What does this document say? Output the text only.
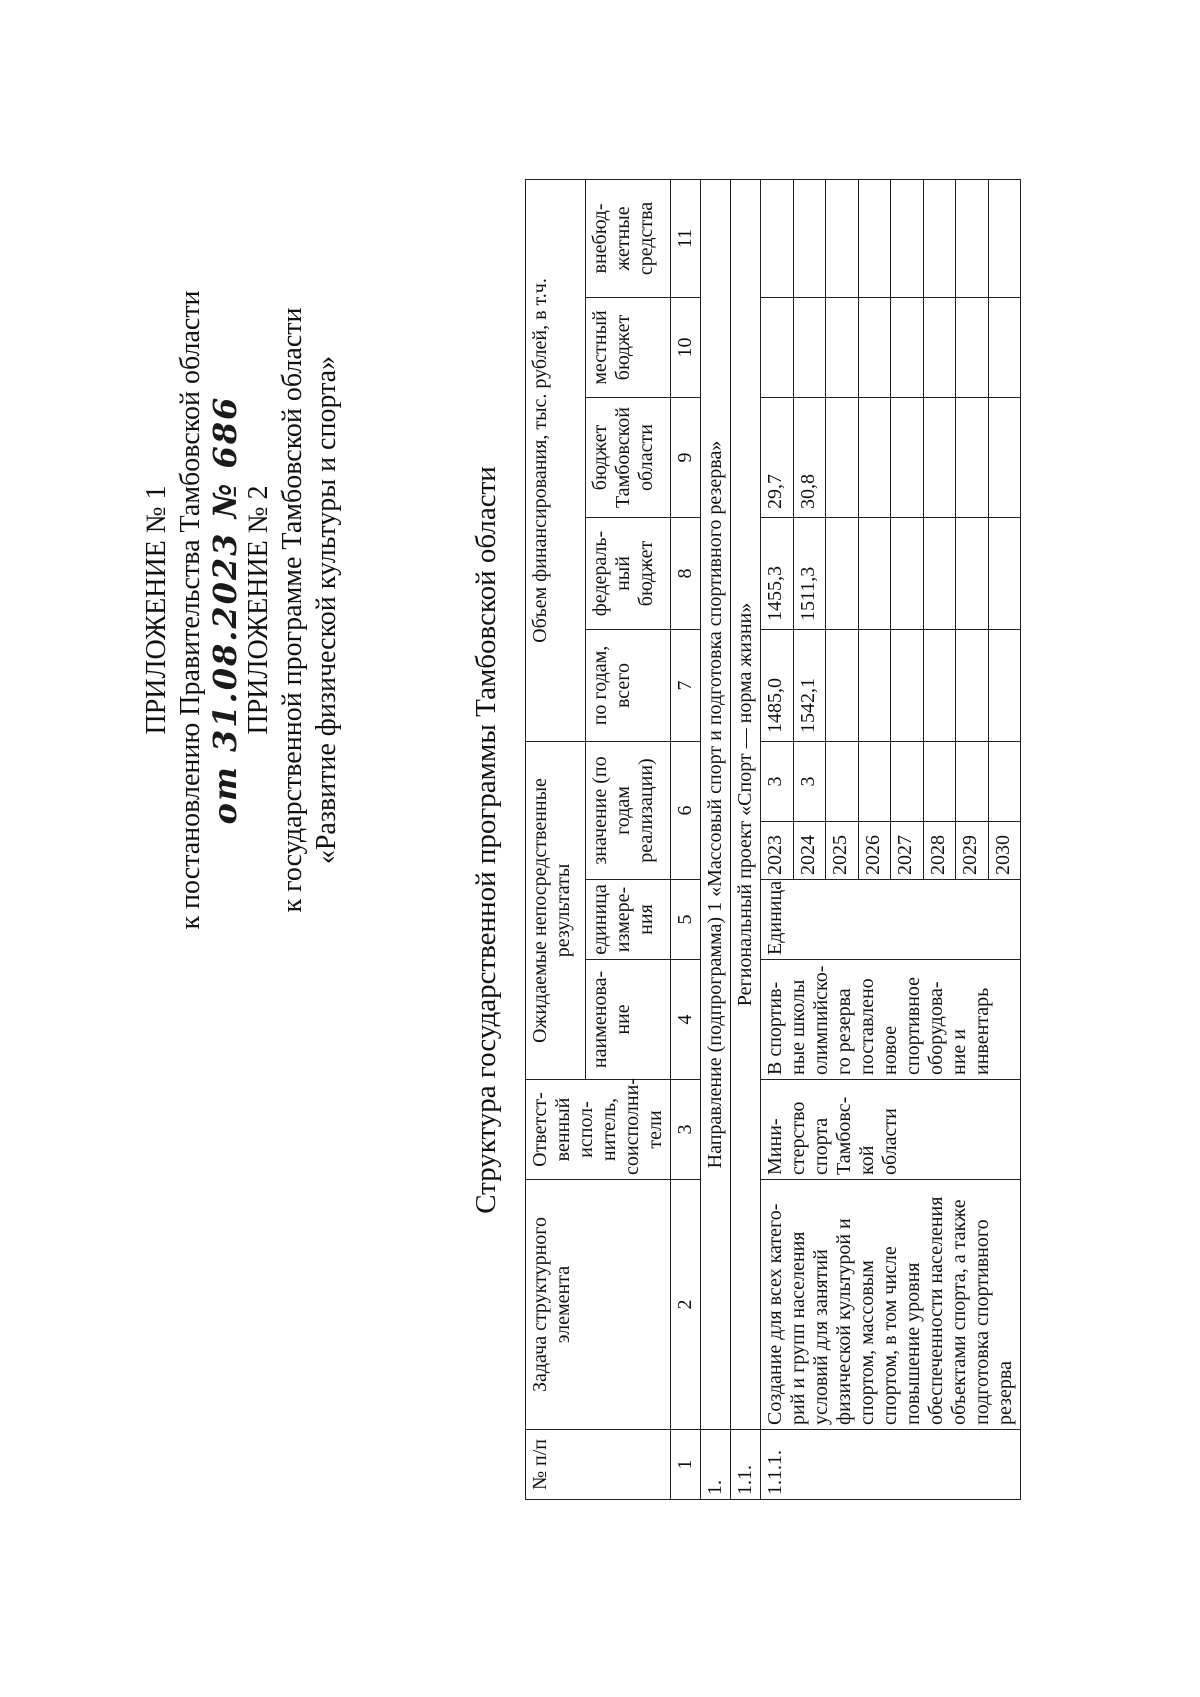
ПРИЛОЖЕНИЕ № 1 к постановлению Правительства Тамбовской области от 31.08.2023 № 686 ПРИЛОЖЕНИЕ № 2 к государственной программе Тамбовской области «Развитие физической культуры и спорта»	Структура государственной программы Тамбовской области
№ п/п	Задача структурного элемента	Ответст-венный испол-нитель, соисполни-тели	Ожидаемые непосредственные результаты				Объем финансирования, тыс. рублей, в т.ч.				
			наименова-ние	единица измере-ния	значение (по годам реализации)		по годам, всего	федераль-ный бюджет	бюджет Тамбовской области	местный бюджет	внебюд-жетные средства
1	2	3	4	5	6		7	8	9	10	11
1.	Направление (подпрограмма) 1 «Массовый спорт и подготовка спортивного резерва»										
1.1.	Региональный проект «Спорт — норма жизни»										
1.1.1.	Создание для всех катего-рий и групп населения условий для занятий физической культурой и спортом, массовым спортом, в том числе повышение уровня обеспеченности населения объектами спорта, а также подготовка спортивного резерва	Мини-стерство спорта Тамбовс-кой области	В спортив-ные школы олимпийско-го резерва поставлено новое спортивное оборудова-ние и инвентарь	Единица	2023	3	1485,0	1455,3	29,7		
					2024	3	1542,1	1511,3	30,8		
					2025						
					2026						
					2027						
					2028						
					2029						
					2030						
